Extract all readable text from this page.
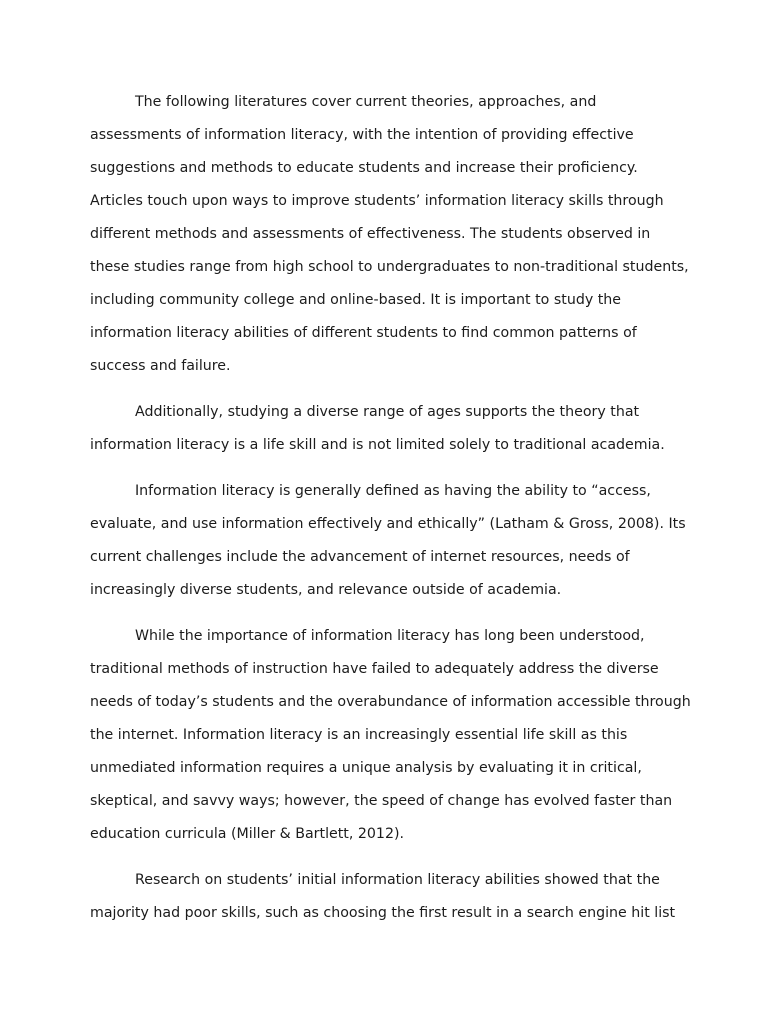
The following literatures cover current theories, approaches, and
assessments of information literacy, with the intention of providing effective
suggestions and methods to educate students and increase their proficiency.
Articles touch upon ways to improve students’ information literacy skills through
different methods and assessments of effectiveness. The students observed in
these studies range from high school to undergraduates to non-traditional students,
including community college and online-based. It is important to study the
information literacy abilities of different students to find common patterns of
success and failure.
Additionally, studying a diverse range of ages supports the theory that
information literacy is a life skill and is not limited solely to traditional academia.
Information literacy is generally defined as having the ability to “access,
evaluate, and use information effectively and ethically” (Latham & Gross, 2008). Its
current challenges include the advancement of internet resources, needs of
increasingly diverse students, and relevance outside of academia.
While the importance of information literacy has long been understood,
traditional methods of instruction have failed to adequately address the diverse
needs of today’s students and the overabundance of information accessible through
the internet. Information literacy is an increasingly essential life skill as this
unmediated information requires a unique analysis by evaluating it in critical,
skeptical, and savvy ways; however, the speed of change has evolved faster than
education curricula (Miller & Bartlett, 2012).
Research on students’ initial information literacy abilities showed that the
majority had poor skills, such as choosing the first result in a search engine hit list
